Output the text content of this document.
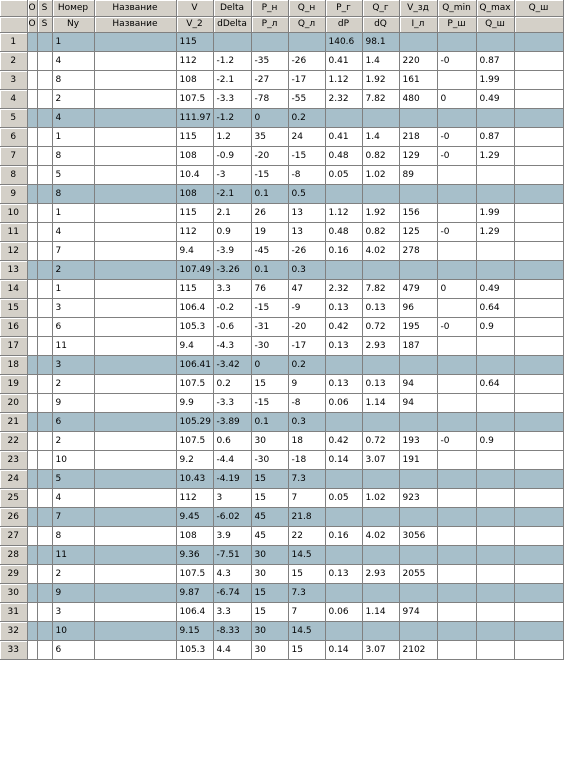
	O	S	Номер	Название	V	Delta	P_н	Q_н	P_г	Q_г	V_зд	Q_min	Q_max	Q_ш
	O	S	Ny	Название	V_2	dDelta	P_л	Q_л	dP	dQ	I_л	P_ш	Q_ш	
1			1		115				140.6	98.1				
2			4		112	-1.2	-35	-26	0.41	1.4	220	-0	0.87	
3			8		108	-2.1	-27	-17	1.12	1.92	161		1.99	
4			2		107.5	-3.3	-78	-55	2.32	7.82	480	0	0.49	
5			4		111.97	-1.2	0	0.2						
6			1		115	1.2	35	24	0.41	1.4	218	-0	0.87	
7			8		108	-0.9	-20	-15	0.48	0.82	129	-0	1.29	
8			5		10.4	-3	-15	-8	0.05	1.02	89			
9			8		108	-2.1	0.1	0.5						
10			1		115	2.1	26	13	1.12	1.92	156		1.99	
11			4		112	0.9	19	13	0.48	0.82	125	-0	1.29	
12			7		9.4	-3.9	-45	-26	0.16	4.02	278			
13			2		107.49	-3.26	0.1	0.3						
14			1		115	3.3	76	47	2.32	7.82	479	0	0.49	
15			3		106.4	-0.2	-15	-9	0.13	0.13	96		0.64	
16			6		105.3	-0.6	-31	-20	0.42	0.72	195	-0	0.9	
17			11		9.4	-4.3	-30	-17	0.13	2.93	187			
18			3		106.41	-3.42	0	0.2						
19			2		107.5	0.2	15	9	0.13	0.13	94		0.64	
20			9		9.9	-3.3	-15	-8	0.06	1.14	94			
21			6		105.29	-3.89	0.1	0.3						
22			2		107.5	0.6	30	18	0.42	0.72	193	-0	0.9	
23			10		9.2	-4.4	-30	-18	0.14	3.07	191			
24			5		10.43	-4.19	15	7.3						
25			4		112	3	15	7	0.05	1.02	923			
26			7		9.45	-6.02	45	21.8						
27			8		108	3.9	45	22	0.16	4.02	3056			
28			11		9.36	-7.51	30	14.5						
29			2		107.5	4.3	30	15	0.13	2.93	2055			
30			9		9.87	-6.74	15	7.3						
31			3		106.4	3.3	15	7	0.06	1.14	974			
32			10		9.15	-8.33	30	14.5						
33			6		105.3	4.4	30	15	0.14	3.07	2102			
